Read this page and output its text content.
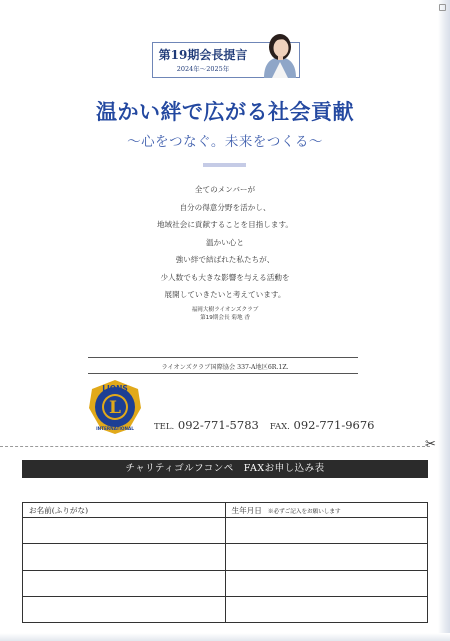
第19期会長提言
2024年〜2025年
温かい絆で広がる社会貢献
〜心をつなぐ。未来をつくる〜
全てのメンバーが
自分の得意分野を活かし、
地域社会に貢献することを目指します。
温かい心と
強い絆で結ばれた私たちが、
少人数でも大きな影響を与える活動を
展開していきたいと考えています。
福岡大樹ライオンズクラブ
第19期会長 菊地 香
ライオンズクラブ国際協会 337-A地区6R.1Z.
LIONS
L
INTERNATIONAL TEL. 092-771-5783 FAX. 092-771-9676
✂
チャリティゴルフコンペ　FAXお申し込み表
お名前(ふりがな)	生年月日 ※必ずご記入をお願いします
